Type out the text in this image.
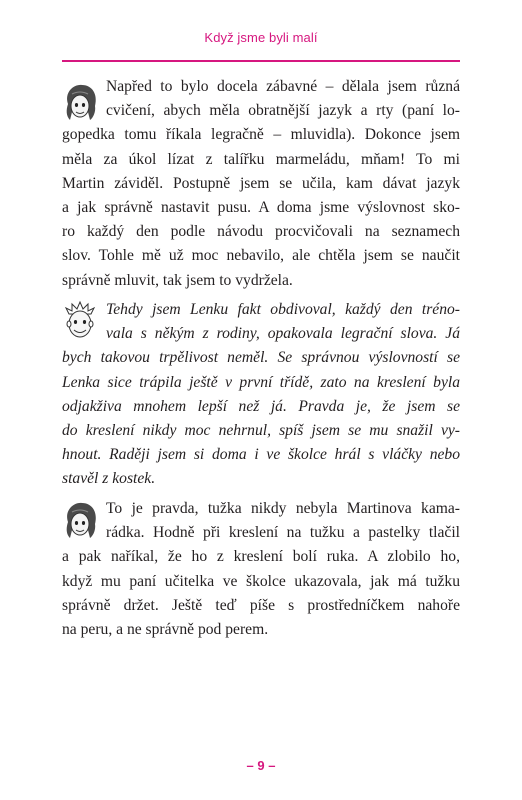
Když jsme byli malí
Napřed to bylo docela zábavné – dělala jsem různá
cvičení, abych měla obratnější jazyk a rty (paní lo-
gopedka tomu říkala legračně – mluvidla). Dokonce jsem
měla za úkol lízat z talířku marmeládu, mňam! To mi
Martin záviděl. Postupně jsem se učila, kam dávat jazyk
a jak správně nastavit pusu. A doma jsme výslovnost sko-
ro každý den podle návodu procvičovali na seznamech
slov. Tohle mě už moc nebavilo, ale chtěla jsem se naučit
správně mluvit, tak jsem to vydržela.
Tehdy jsem Lenku fakt obdivoval, každý den tréno-
vala s někým z rodiny, opakovala legrační slova. Já
bych takovou trpělivost neměl. Se správnou výslovností se
Lenka sice trápila ještě v první třídě, zato na kreslení byla
odjakživa mnohem lepší než já. Pravda je, že jsem se
do kreslení nikdy moc nehrnul, spíš jsem se mu snažil vy-
hnout. Raději jsem si doma i ve školce hrál s vláčky nebo
stavěl z kostek.
To je pravda, tužka nikdy nebyla Martinova kama-
rádka. Hodně při kreslení na tužku a pastelky tlačil
a pak naříkal, že ho z kreslení bolí ruka. A zlobilo ho,
když mu paní učitelka ve školce ukazovala, jak má tužku
správně držet. Ještě teď píše s prostředníčkem nahoře
na peru, a ne správně pod perem.
– 9 –
